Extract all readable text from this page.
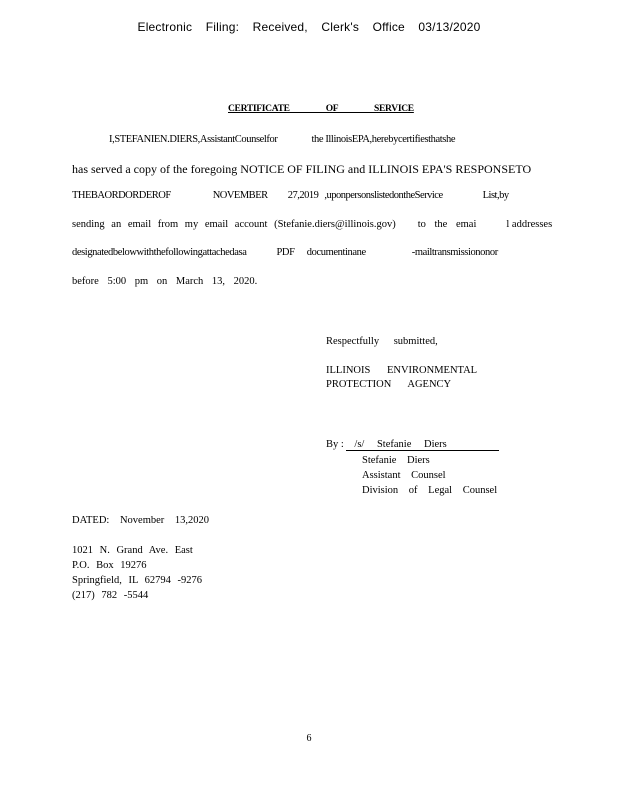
Electronic Filing: Received, Clerk's Office 03/13/2020
CERTIFICATE OF SERVICE
I,STEFANIEN.DIERS,AssistantCounselfor	the IllinoisEPA,herebycertifiesthatshe
has served a copy of the foregoing NOTICE OF FILING and ILLINOIS EPA'S RESPONSETO
THEBAORDORDEROF	NOVEMBER 27,2019 ,uponpersonslistedontheService	List,by
sending an email from my email account (Stefanie.diers@illinois.gov) to the emai	l addresses
designatedbelowwiththefollowingattachedasa	PDF documentinane	-mailtransmissiononor
before 5:00 pm on March 13, 2020.
Respectfully submitted,
ILLINOIS ENVIRONMENTAL
PROTECTION AGENCY
By : /s/ Stefanie Diers
Stefanie Diers
Assistant Counsel
Division of Legal Counsel
DATED: November 13,2020
1021 N. Grand Ave. East
P.O. Box 19276
Springfield, IL 62794 -9276
(217) 782 -5544
6
